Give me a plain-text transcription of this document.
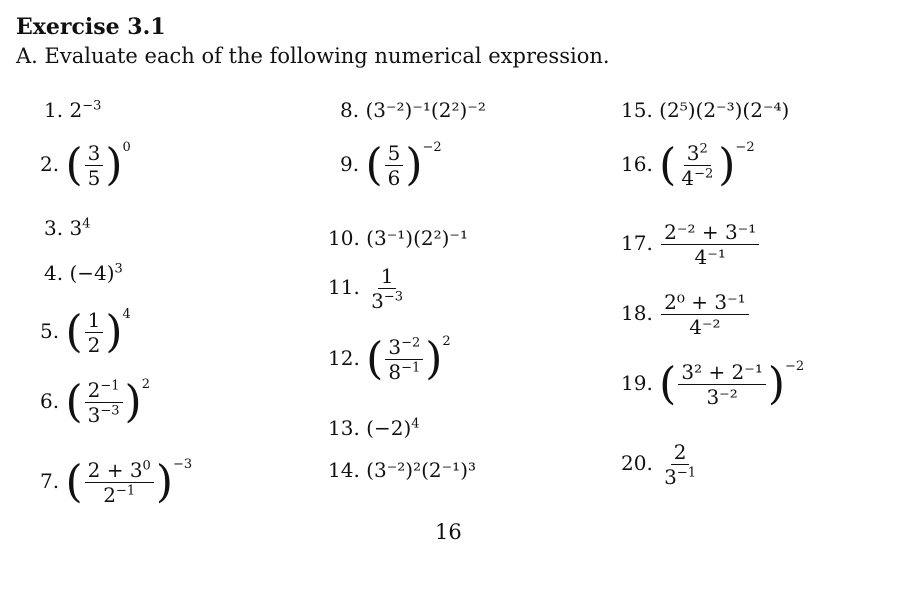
Exercise 3.1
A. Evaluate each of the following numerical expression.
1. $2^{-3}$
2. ( $\frac{3}{5} )^0$
3. $3^4$
4. $(-4)^3$
5. ( $\frac{1}{2} )^4$
6. ( $\frac{2^{-1}}{3^{-3}} )^2$
7. ( $\frac{2 + 3^0}{2^{-1}} )^{-3}$
8. (3⁻²)⁻¹(2²)⁻²
9. ( $\frac{5}{6} )^{-2}$
10. (3⁻¹)(2²)⁻¹
11. $\frac{1}{3^{-3}}$
12. ( $\frac{3^{-2}}{8^{-1}} )^2$
13. $(-2)^4$
14. (3⁻²)²(2⁻¹)³
15. (2⁵)(2⁻³)(2⁻⁴)
16. ( $\frac{3^2}{4^{-2}} )^{-2}$
17. $\frac{\text{2⁻² + 3⁻¹}}{\text{4⁻¹}}$
18. $\frac{\text{2⁰ + 3⁻¹}}{\text{4⁻²}}$
19. ( $\frac{\text{3² + 2⁻¹}}{\text{3⁻²}} )^{-2}$
20. $\frac{2}{3^{-1}}$
16
